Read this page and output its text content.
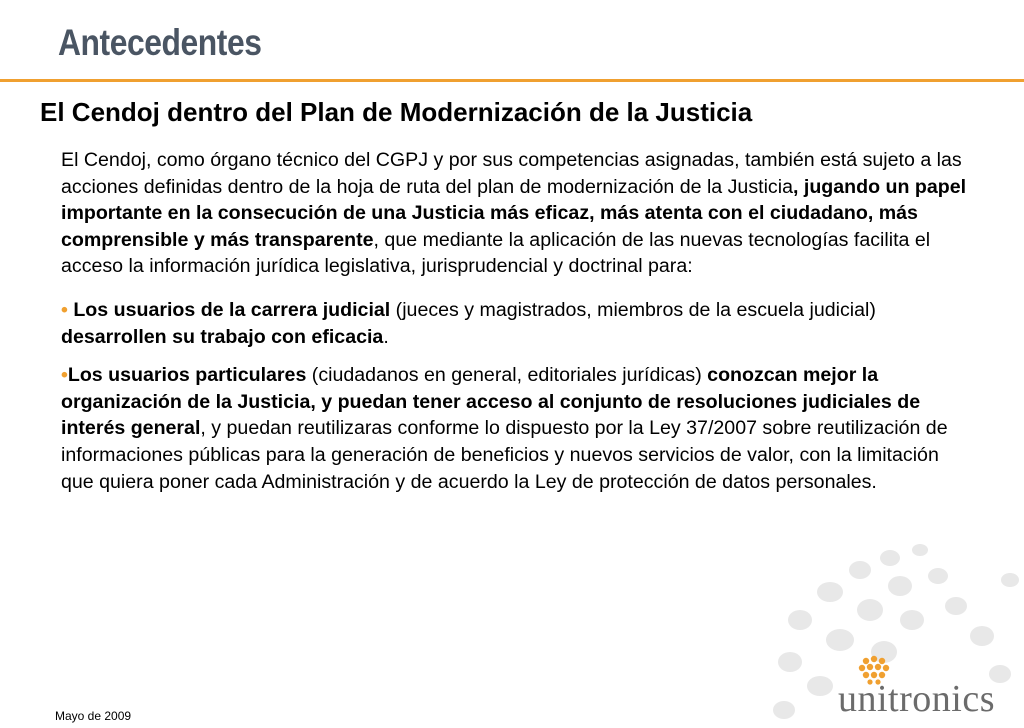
Antecedentes
El Cendoj dentro del Plan de Modernización de la Justicia

El Cendoj, como órgano técnico del CGPJ y por sus competencias asignadas, también está sujeto a las acciones definidas dentro de la hoja de ruta del plan de modernización de la Justicia, jugando un papel importante en la consecución de una Justicia más eficaz, más atenta con el ciudadano, más comprensible y más transparente, que mediante la aplicación de las nuevas tecnologías facilita el acceso la información jurídica legislativa, jurisprudencial y doctrinal para:

• Los usuarios de la carrera judicial (jueces y magistrados, miembros de la escuela judicial) desarrollen su trabajo con eficacia.

•Los usuarios particulares (ciudadanos en general, editoriales jurídicas) conozcan mejor la organización de la Justicia, y puedan tener acceso al conjunto de resoluciones judiciales de interés general, y puedan reutilizaras conforme lo dispuesto por la Ley 37/2007 sobre reutilización de informaciones públicas para la generación de beneficios y nuevos servicios de valor, con la limitación que quiera poner cada Administración y de acuerdo la Ley de protección de datos personales.

unitronics
Mayo de 2009
